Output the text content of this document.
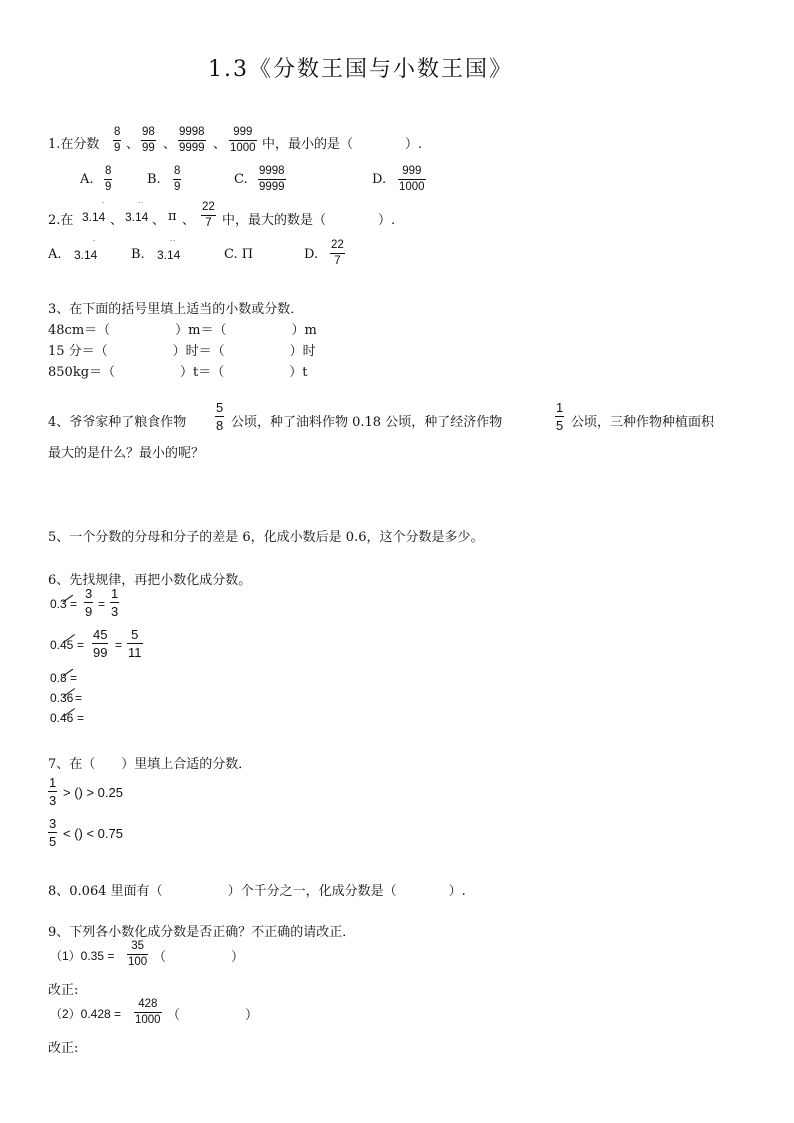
1.3《分数王国与小数王国》
1.在分数
8
9 、
98
99 、
9998
9999 、
999
1000 中，最小的是（　　　　）.
A.
8
9	B.
8
9	C.
9998
9999	D.
999
1000
2.在 3.14
˙
、 3.14
˙˙
、 π 、
22
7 中，最大的数是（　　　　）.
A. 3.14
˙
B. 3.14
˙˙
C. Π	D.
22
7
3、在下面的括号里填上适当的小数或分数．
48cm＝（　　　　　）m＝（　　　　　）m
15 分＝（　　　　　）时＝（　　　　　）时
850kg＝（　　　　　）t＝（　　　　　）t
4、爷爷家种了粮食作物
5
8 公顷，种了油料作物 0.18 公顷，种了经济作物
1
5 公顷，三种作物种植面积
最大的是什么？最小的呢？
5、一个分数的分母和分子的差是 6，化成小数后是 0.6，这个分数是多少。
6、先找规律，再把小数化成分数。
0.3 =
3
9 =
1
3
0.45 =
45
99 =
5
11
0.8 =
0.36 =
0.46 =
7、在（　　）里填上合适的分数．
1
3
> () > 0.25
3
5
< () < 0.75
8、0.064 里面有（　　　　　）个千分之一，化成分数是（　　　　）.
9、下列各小数化成分数是否正确？不正确的请改正．
（1）0.35 =
35
100 （　　　　　）
改正:
（2）0.428 =
428
1000 （　　　　　）
改正:
